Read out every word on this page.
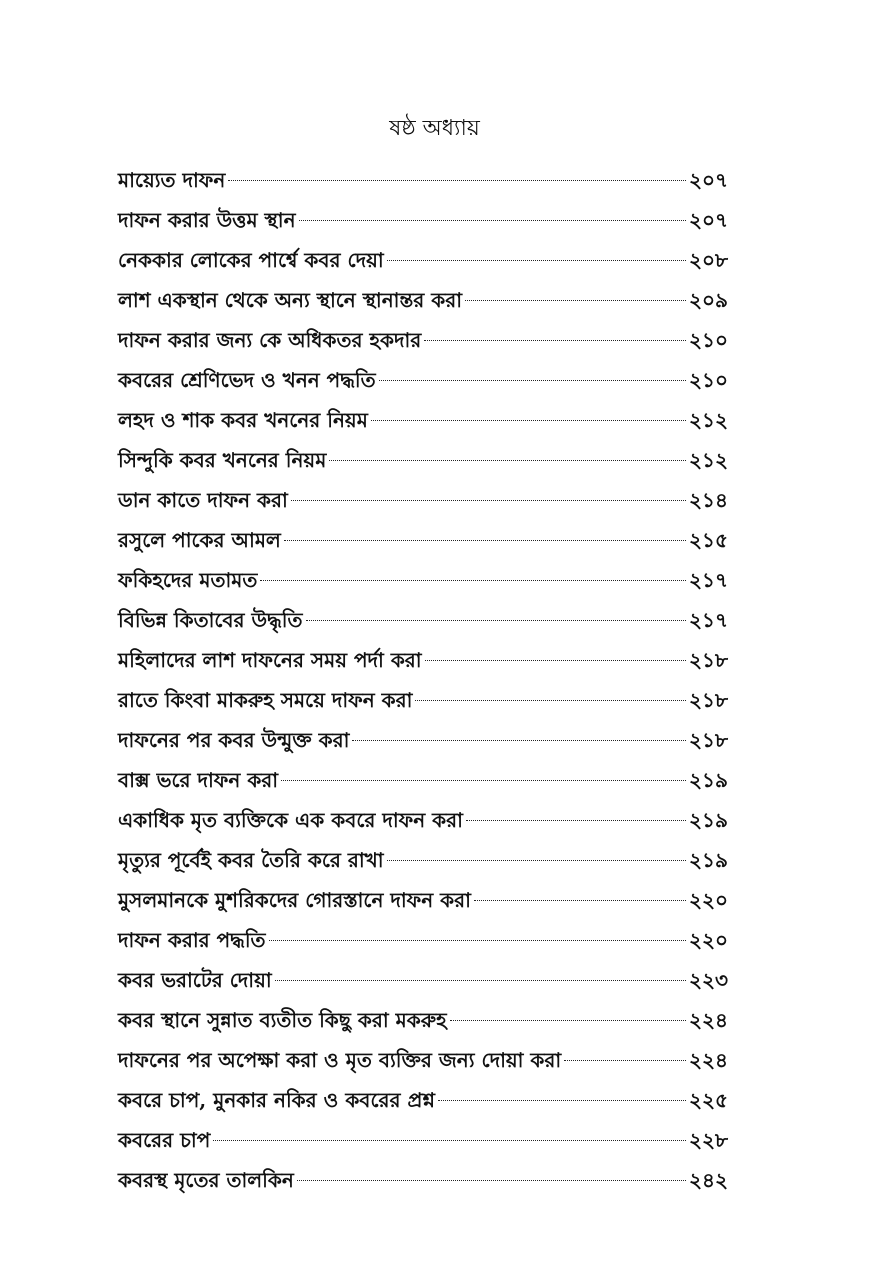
ষষ্ঠ অধ্যায়
মায়্যেত দাফন	২০৭
দাফন করার উত্তম স্থান	২০৭
নেককার লোকের পার্শ্বে কবর দেয়া	২০৮
লাশ একস্থান থেকে অন্য স্থানে স্থানান্তর করা	২০৯
দাফন করার জন্য কে অধিকতর হকদার	২১০
কবরের শ্রেণিভেদ ও খনন পদ্ধতি	২১০
লহদ ও শাক কবর খননের নিয়ম	২১২
সিন্দুকি কবর খননের নিয়ম	২১২
ডান কাতে দাফন করা	২১৪
রসুলে পাকের আমল	২১৫
ফকিহদের মতামত	২১৭
বিভিন্ন কিতাবের উদ্ধৃতি	২১৭
মহিলাদের লাশ দাফনের সময় পর্দা করা	২১৮
রাতে কিংবা মাকরুহ সময়ে দাফন করা	২১৮
দাফনের পর কবর উন্মুক্ত করা	২১৮
বাক্স ভরে দাফন করা	২১৯
একাধিক মৃত ব্যক্তিকে এক কবরে দাফন করা	২১৯
মৃত্যুর পূর্বেই কবর তৈরি করে রাখা	২১৯
মুসলমানকে মুশরিকদের গোরস্তানে দাফন করা	২২০
দাফন করার পদ্ধতি	২২০
কবর ভরাটের দোয়া	২২৩
কবর স্থানে সুন্নাত ব্যতীত কিছু করা মকরুহ	২২৪
দাফনের পর অপেক্ষা করা ও মৃত ব্যক্তির জন্য দোয়া করা	২২৪
কবরে চাপ, মুনকার নকির ও কবরের প্রশ্ন	২২৫
কবরের চাপ	২২৮
কবরস্থ মৃতের তালকিন	২৪২
